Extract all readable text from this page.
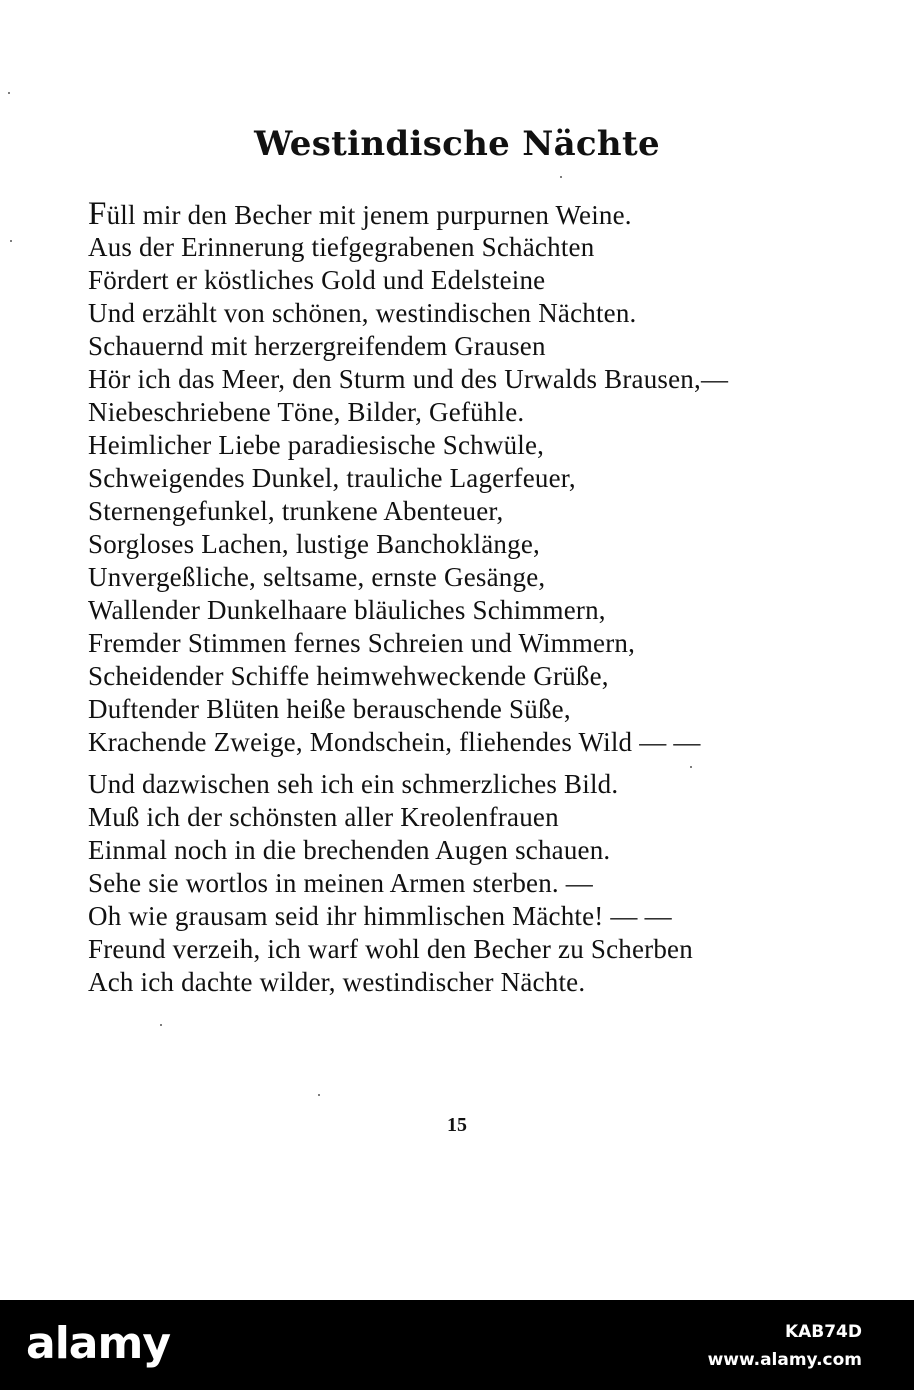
Westindische Nächte
Füll mir den Becher mit jenem purpurnen Weine.
Aus der Erinnerung tiefgegrabenen Schächten
Fördert er köstliches Gold und Edelsteine
Und erzählt von schönen, westindischen Nächten.
Schauernd mit herzergreifendem Grausen
Hör ich das Meer, den Sturm und des Urwalds Brausen,—
Niebeschriebene Töne, Bilder, Gefühle.
Heimlicher Liebe paradiesische Schwüle,
Schweigendes Dunkel, trauliche Lagerfeuer,
Sternengefunkel, trunkene Abenteuer,
Sorgloses Lachen, lustige Banchoklänge,
Unvergeßliche, seltsame, ernste Gesänge,
Wallender Dunkelhaare bläuliches Schimmern,
Fremder Stimmen fernes Schreien und Wimmern,
Scheidender Schiffe heimwehweckende Grüße,
Duftender Blüten heiße berauschende Süße,
Krachende Zweige, Mondschein, fliehendes Wild — —
Und dazwischen seh ich ein schmerzliches Bild.
Muß ich der schönsten aller Kreolenfrauen
Einmal noch in die brechenden Augen schauen.
Sehe sie wortlos in meinen Armen sterben. —
Oh wie grausam seid ihr himmlischen Mächte! — —
Freund verzeih, ich warf wohl den Becher zu Scherben
Ach ich dachte wilder, westindischer Nächte.
15
alamy	KAB74D
www.alamy.com
